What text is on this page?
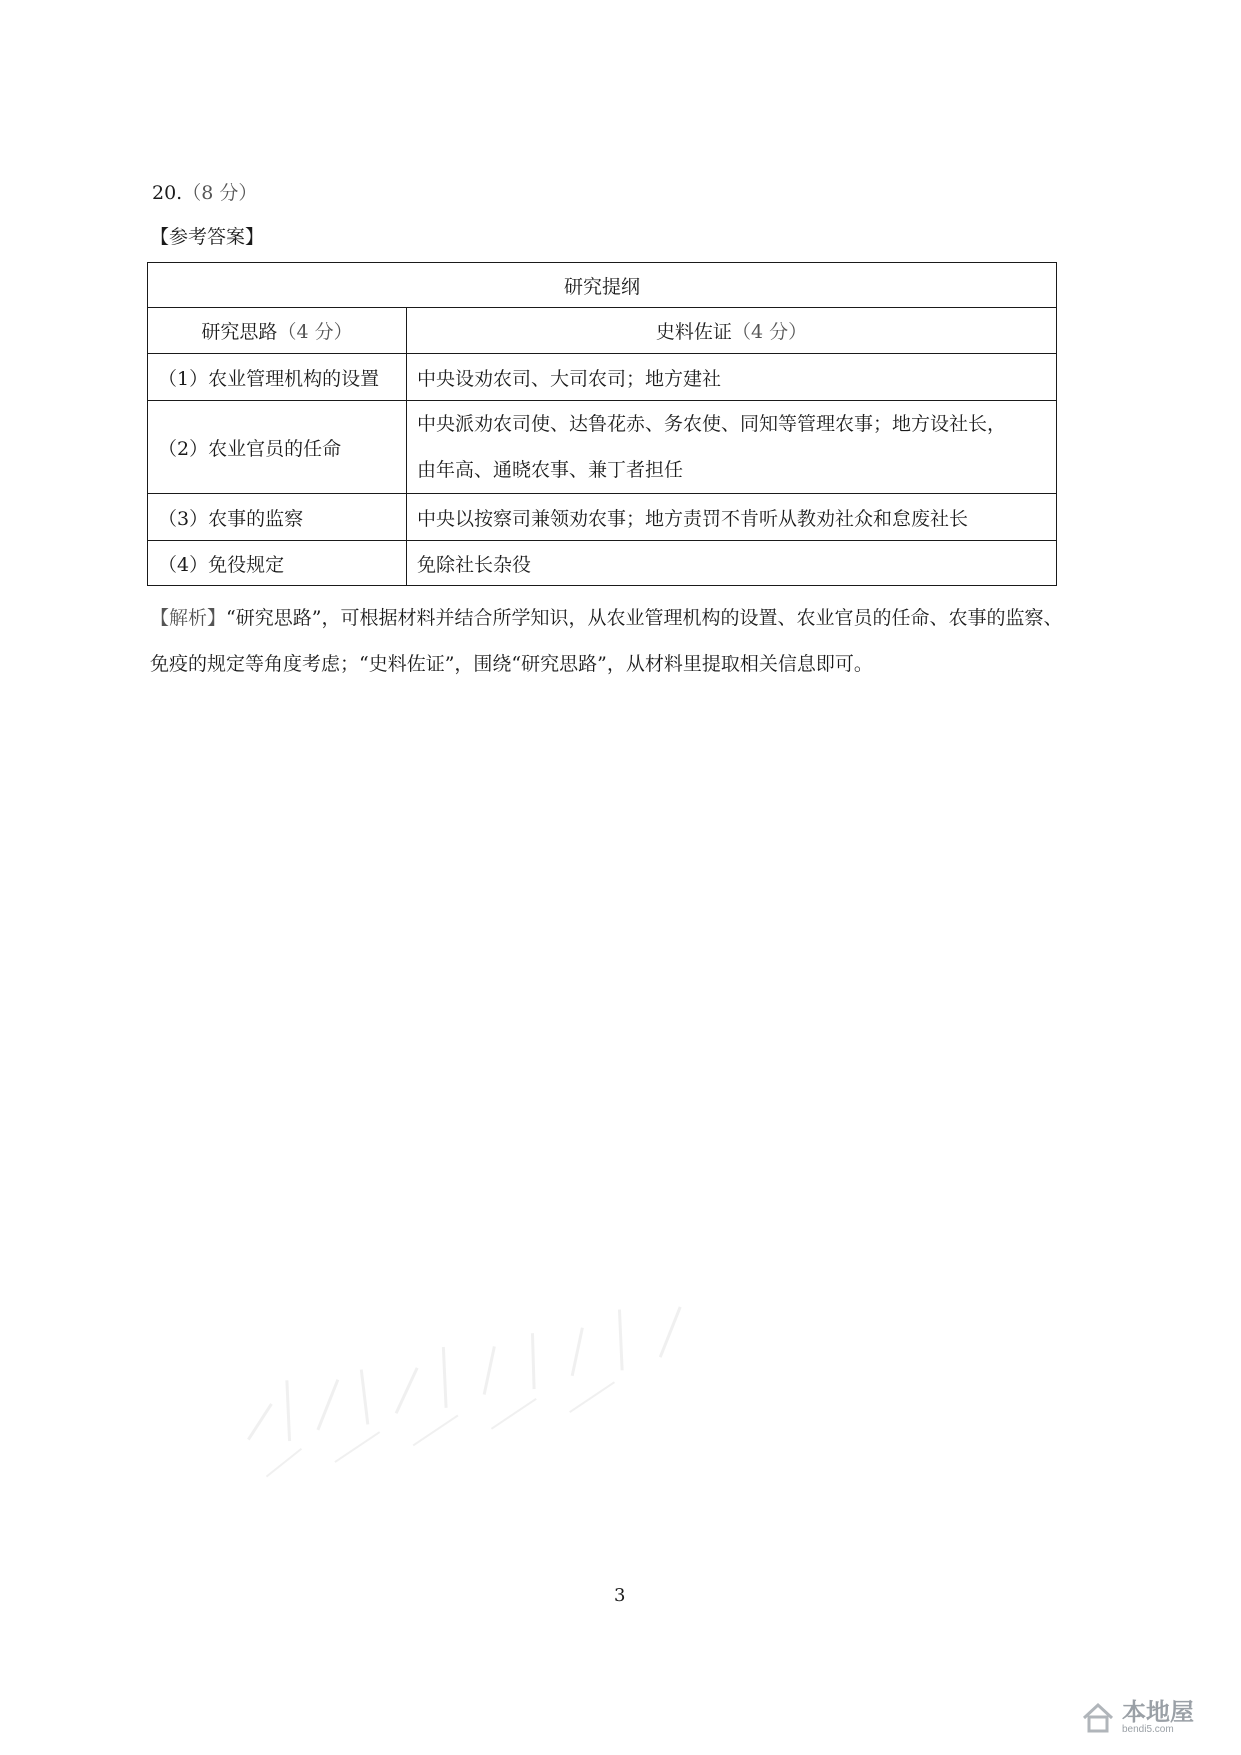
20.（8 分）
【参考答案】
研究提纲	
研究思路（4 分）	史料佐证（4 分）
（1）农业管理机构的设置	中央设劝农司、大司农司；地方建社
（2）农业官员的任命	中央派劝农司使、达鲁花赤、务农使、同知等管理农事；地方设社长，
由年高、通晓农事、兼丁者担任

（3）农事的监察	中央以按察司兼领劝农事；地方责罚不肯听从教劝社众和怠废社长
（4）免役规定	免除社长杂役
【解析】“研究思路”，可根据材料并结合所学知识，从农业管理机构的设置、农业官员的任命、农事的监察、免疫的规定等角度考虑；“史料佐证”，围绕“研究思路”，从材料里提取相关信息即可。
3
本地屋
bendi5.com
